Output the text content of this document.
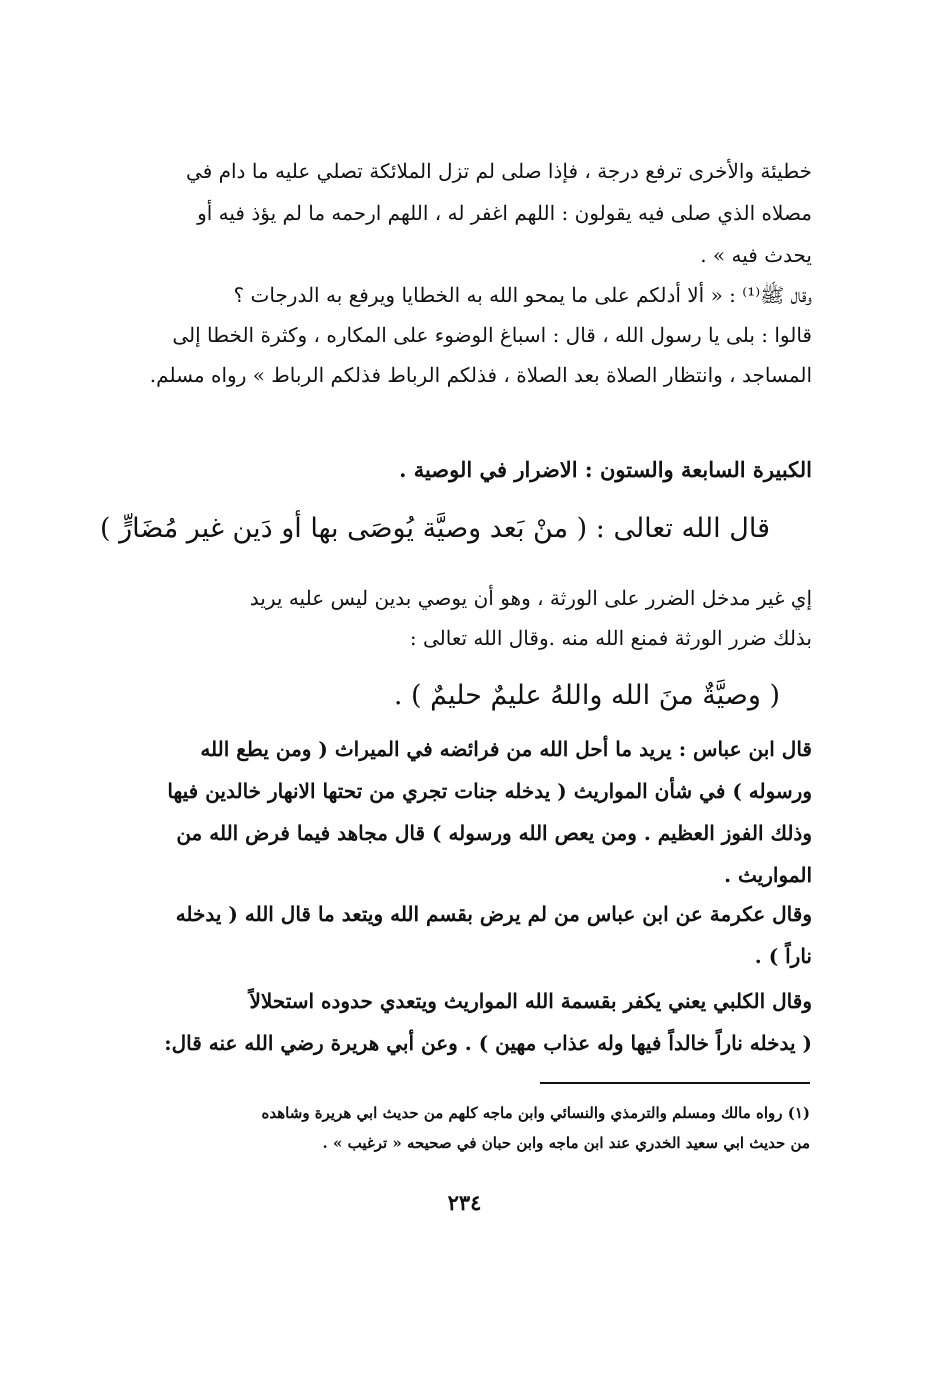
خطيئة والأخرى ترفع درجة ، فإذا صلى لم تزل الملائكة تصلي عليه ما دام في
مصلاه الذي صلى فيه يقولون : اللهم اغفر له ، اللهم ارحمه ما لم يؤذ فيه أو
يحدث فيه » .
وقال ﷺ⁽¹⁾ : « ألا أدلكم على ما يمحو الله به الخطايا ويرفع به الدرجات ؟
قالوا : بلى يا رسول الله ، قال : اسباغ الوضوء على المكاره ، وكثرة الخطا إلى
المساجد ، وانتظار الصلاة بعد الصلاة ، فذلكم الرباط فذلكم الرباط » رواه مسلم.
الكبيرة السابعة والستون : الاضرار في الوصية .
قال الله تعالى : ( منْ بَعد وصيَّة يُوصَى بها أو دَين غير مُضَارٍّ )
إي غير مدخل الضرر على الورثة ، وهو أن يوصي بدين ليس عليه يريد
بذلك ضرر الورثة فمنع الله منه .وقال الله تعالى :
( وصيَّةٌ منَ الله واللهُ عليمٌ حليمٌ ) .
قال ابن عباس : يريد ما أحل الله من فرائضه في الميراث ( ومن يطع الله
ورسوله ) في شأن المواريث ( يدخله جنات تجري من تحتها الانهار خالدين فيها
وذلك الفوز العظيم . ومن يعص الله ورسوله ) قال مجاهد فيما فرض الله من
المواريث .
وقال عكرمة عن ابن عباس من لم يرض بقسم الله ويتعد ما قال الله ( يدخله
ناراً ) .
وقال الكلبي يعني يكفر بقسمة الله المواريث ويتعدي حدوده استحلالاً
( يدخله ناراً خالداً فيها وله عذاب مهين ) . وعن أبي هريرة رضي الله عنه قال:
(١) رواه مالك ومسلم والترمذي والنسائي وابن ماجه كلهم من حديث ابي هريرة وشاهده
من حديث ابي سعيد الخدري عند ابن ماجه وابن حبان في صحيحه « ترغيب » .
٢٣٤
